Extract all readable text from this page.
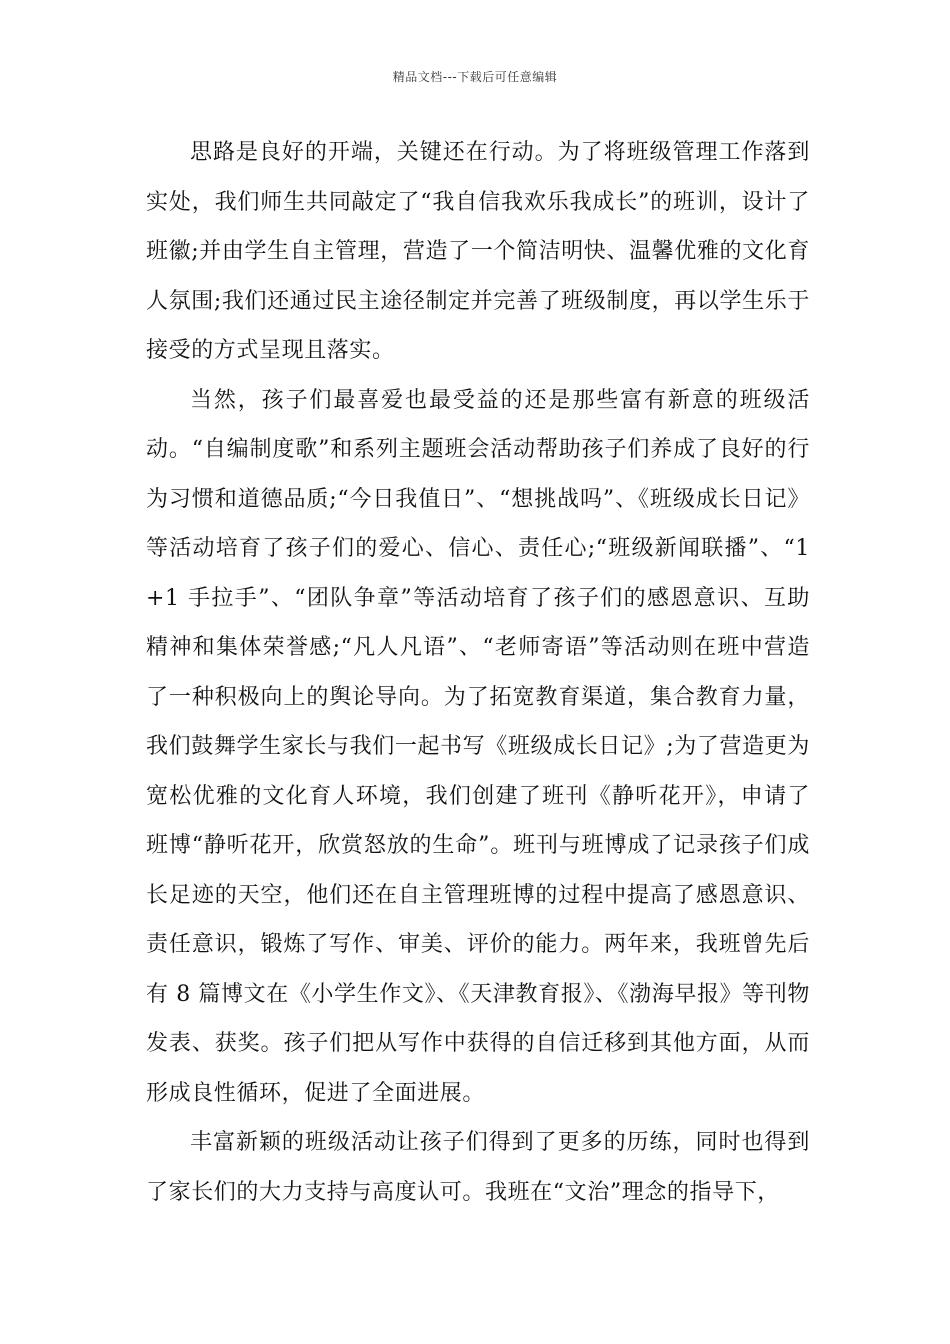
精品文档---下载后可任意编辑

思路是良好的开端，关键还在行动。为了将班级管理工作落到实处，我们师生共同敲定了“我自信我欢乐我成长”的班训，设计了班徽;并由学生自主管理，营造了一个简洁明快、温馨优雅的文化育人氛围;我们还通过民主途径制定并完善了班级制度，再以学生乐于接受的方式呈现且落实。

当然，孩子们最喜爱也最受益的还是那些富有新意的班级活动。“自编制度歌”和系列主题班会活动帮助孩子们养成了良好的行为习惯和道德品质;“今日我值日”、“想挑战吗”、《班级成长日记》等活动培育了孩子们的爱心、信心、责任心;“班级新闻联播”、“1+1 手拉手”、“团队争章”等活动培育了孩子们的感恩意识、互助精神和集体荣誉感;“凡人凡语”、“老师寄语”等活动则在班中营造了一种积极向上的舆论导向。为了拓宽教育渠道，集合教育力量，我们鼓舞学生家长与我们一起书写《班级成长日记》;为了营造更为宽松优雅的文化育人环境，我们创建了班刊《静听花开》，申请了班博“静听花开，欣赏怒放的生命”。班刊与班博成了记录孩子们成长足迹的天空，他们还在自主管理班博的过程中提高了感恩意识、责任意识，锻炼了写作、审美、评价的能力。两年来，我班曾先后有 8 篇博文在《小学生作文》、《天津教育报》、《渤海早报》等刊物发表、获奖。孩子们把从写作中获得的自信迁移到其他方面，从而形成良性循环，促进了全面进展。

丰富新颖的班级活动让孩子们得到了更多的历练，同时也得到了家长们的大力支持与高度认可。我班在“文治”理念的指导下，
